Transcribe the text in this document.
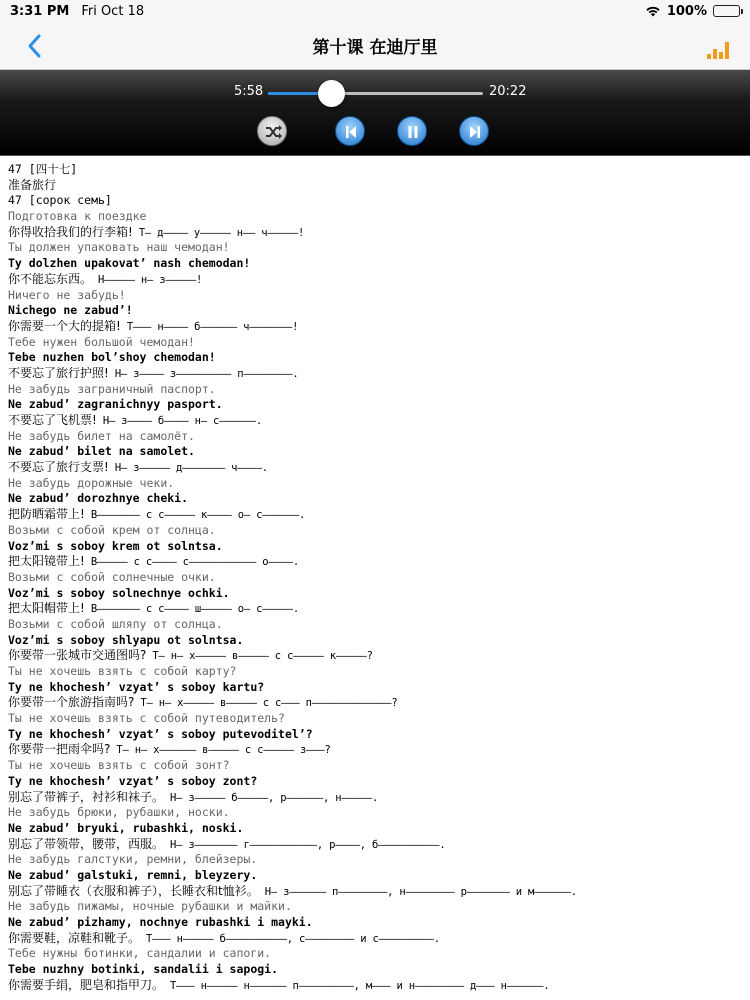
3:31 PM Fri Oct 18	100%
第十课 在迪厅里
5:58	20:22
47 [四十七]
准备旅行
47 [сорок семь]
Подготовка к поездке
你得收拾我们的行李箱! Т— д———— у————— н—— ч—————!
Ты должен упаковать наш чемодан!
Ty dolzhen upakovat’ nash chemodan!
你不能忘东西。 Н————— н— з—————!
Ничего не забудь!
Nichego ne zabud’!
你需要一个大的提箱! Т——— н———— б—————— ч———————!
Тебе нужен большой чемодан!
Tebe nuzhen bol’shoy chemodan!
不要忘了旅行护照! Н— з———— з————————— п————————.
Не забудь заграничный паспорт.
Ne zabud’ zagranichnyy pasport.
不要忘了飞机票! Н— з———— б———— н— с——————.
Не забудь билет на самолёт.
Ne zabud’ bilet na samolet.
不要忘了旅行支票! Н— з————— д——————— ч————.
Не забудь дорожные чеки.
Ne zabud’ dorozhnye cheki.
把防晒霜带上! В——————— с с————— к———— о— с——————.
Возьми с собой крем от солнца.
Voz’mi s soboy krem ot solntsa.
把太阳镜带上! В————— с с———— с——————————— о————.
Возьми с собой солнечные очки.
Voz’mi s soboy solnechnye ochki.
把太阳帽带上! В——————— с с———— ш————— о— с—————.
Возьми с собой шляпу от солнца.
Voz’mi s soboy shlyapu ot solntsa.
你要带一张城市交通图吗? Т— н— х————— в————— с с————— к—————?
Ты не хочешь взять с собой карту?
Ty ne khochesh’ vzyat’ s soboy kartu?
你要带一个旅游指南吗? Т— н— х————— в————— с с——— п—————————————?
Ты не хочешь взять с собой путеводитель?
Ty ne khochesh’ vzyat’ s soboy putevoditel’?
你要带一把雨伞吗? Т— н— х—————— в————— с с————— з———?
Ты не хочешь взять с собой зонт?
Ty ne khochesh’ vzyat’ s soboy zont?
别忘了带裤子，衬衫和袜子。 Н— з————— б—————, р——————, н—————.
Не забудь брюки, рубашки, носки.
Ne zabud’ bryuki, rubashki, noski.
别忘了带领带，腰带，西服。 Н— з——————— г———————————, р————, б——————————.
Не забудь галстуки, ремни, блейзеры.
Ne zabud’ galstuki, remni, bleyzery.
别忘了带睡衣（衣服和裤子），长睡衣和t恤衫。 Н— з—————— п————————, н———————— р——————— и м——————.
Не забудь пижамы, ночные рубашки и майки.
Ne zabud’ pizhamy, nochnye rubashki i mayki.
你需要鞋，凉鞋和靴子。 Т——— н————— б——————————, с———————— и с—————————.
Тебе нужны ботинки, сандалии и сапоги.
Tebe nuzhny botinki, sandalii i sapogi.
你需要手绢，肥皂和指甲刀。 Т——— н————— н—————— п—————————, м——— и н———————— д——— н——————.
